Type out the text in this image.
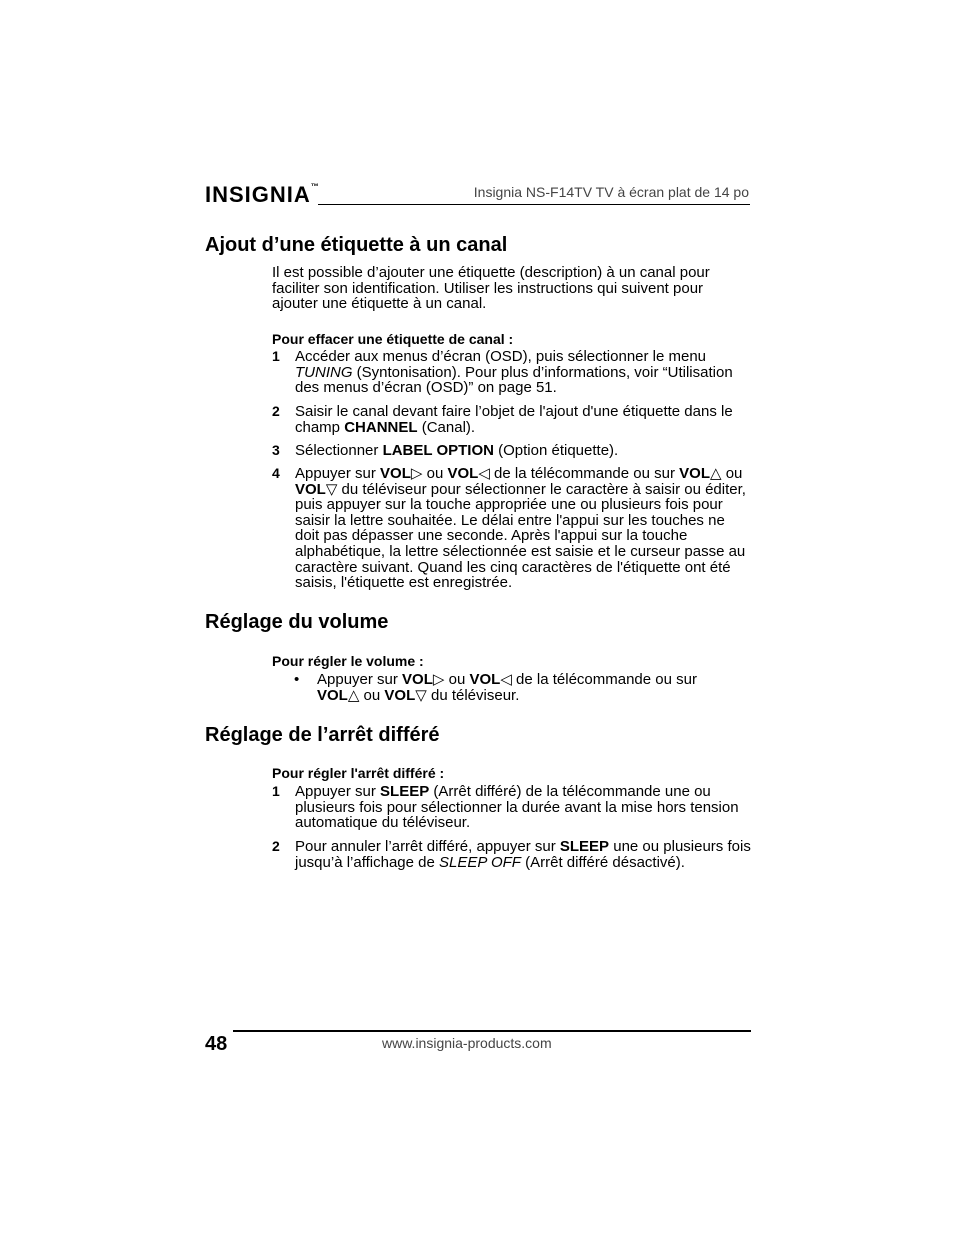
INSIGNIA™	Insignia NS-F14TV TV à écran plat de 14 po
Ajout d’une étiquette à un canal
Il est possible d’ajouter une étiquette (description) à un canal pour faciliter son identification. Utiliser les instructions qui suivent pour ajouter une étiquette à un canal.
Pour effacer une étiquette de canal :
1 Accéder aux menus d’écran (OSD), puis sélectionner le menu TUNING (Syntonisation). Pour plus d’informations, voir “Utilisation des menus d’écran (OSD)” on page 51.
2 Saisir le canal devant faire l’objet de l'ajout d'une étiquette dans le champ CHANNEL (Canal).
3 Sélectionner LABEL OPTION (Option étiquette).
4 Appuyer sur VOL▷ ou VOL◁ de la télécommande ou sur VOL△ ou VOL▽ du téléviseur pour sélectionner le caractère à saisir ou éditer, puis appuyer sur la touche appropriée une ou plusieurs fois pour saisir la lettre souhaitée. Le délai entre l'appui sur les touches ne doit pas dépasser une seconde. Après l'appui sur la touche alphabétique, la lettre sélectionnée est saisie et le curseur passe au caractère suivant. Quand les cinq caractères de l'étiquette ont été saisis, l'étiquette est enregistrée.
Réglage du volume
Pour régler le volume :
• Appuyer sur VOL▷ ou VOL◁ de la télécommande ou sur VOL△ ou VOL▽ du téléviseur.
Réglage de l’arrêt différé
Pour régler l'arrêt différé :
1 Appuyer sur SLEEP (Arrêt différé) de la télécommande une ou plusieurs fois pour sélectionner la durée avant la mise hors tension automatique du téléviseur.
2 Pour annuler l’arrêt différé, appuyer sur SLEEP une ou plusieurs fois jusqu’à l’affichage de SLEEP OFF (Arrêt différé désactivé).
48	www.insignia-products.com
